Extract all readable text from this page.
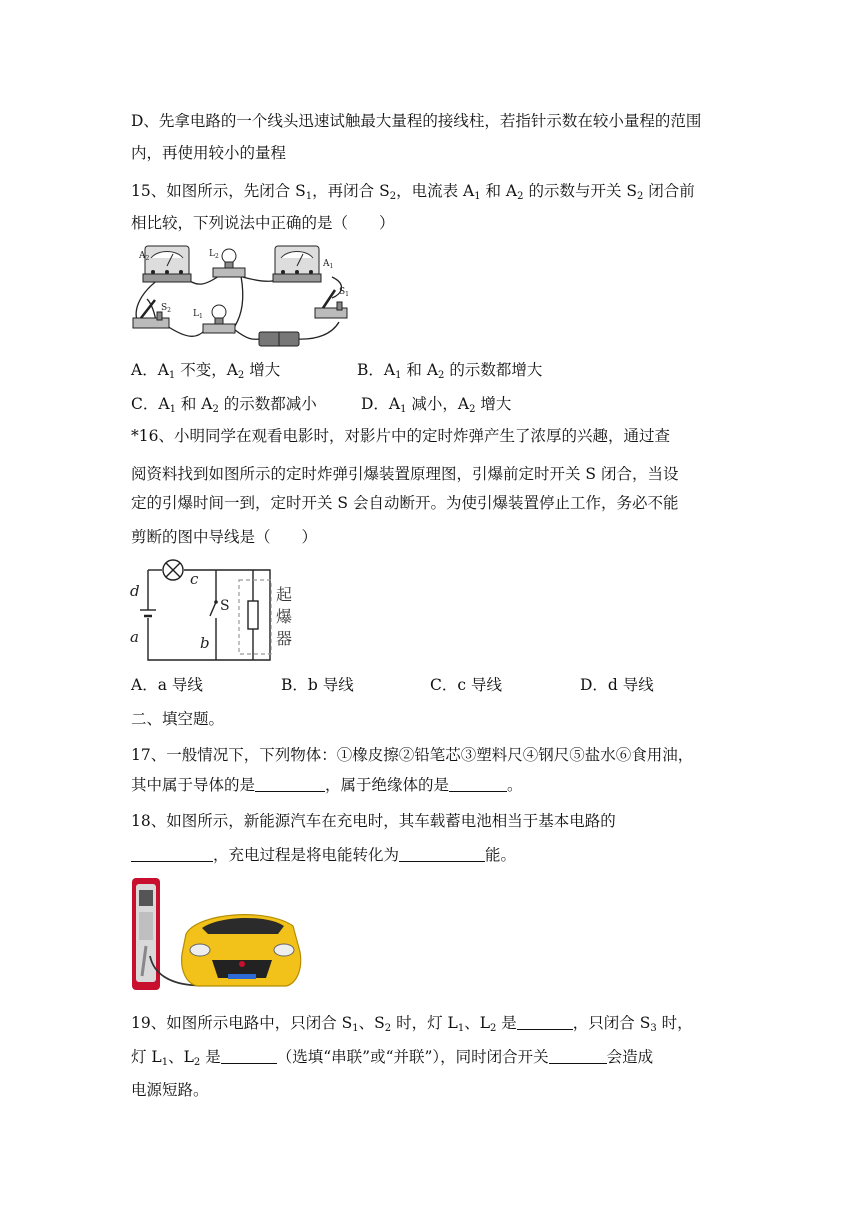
D、先拿电路的一个线头迅速试触最大量程的接线柱，若指针示数在较小量程的范围
内，再使用较小的量程
15、如图所示，先闭合 $S_1$，再闭合 $S_2$，电流表 $A_1$ 和 $A_2$ 的示数与开关 $S_2$ 闭合前
相比较，下列说法中正确的是（　　）
$A_2$	$L_2$
$A_1$
$S_2$ $L_1$
$S_1$
A．$A_1$ 不变，$A_2$ 增大	B．$A_1$ 和 $A_2$ 的示数都增大
C．$A_1$ 和 $A_2$ 的示数都减小	D．$A_1$ 减小，$A_2$ 增大
*16、小明同学在观看电影时，对影片中的定时炸弹产生了浓厚的兴趣，通过查
阅资料找到如图所示的定时炸弹引爆装置原理图，引爆前定时开关 S 闭合，当设
定的引爆时间一到，定时开关 S 会自动断开。为使引爆装置停止工作，务必不能
剪断的图中导线是（　　）
c
d
a	b
S
起
爆
器
A．a 导线	B．b 导线	C．c 导线	D．d 导线
二、填空题。
17、一般情况下，下列物体：①橡皮擦②铅笔芯③塑料尺④钢尺⑤盐水⑥食用油，
其中属于导体的是	，属于绝缘体的是	。
18、如图所示，新能源汽车在充电时，其车载蓄电池相当于基本电路的
，充电过程是将电能转化为	能。
19、如图所示电路中，只闭合 $S_1$、$S_2$ 时，灯 $L_1$、$L_2$ 是	，只闭合 $S_3$ 时，
灯 $L_1$、$L_2$ 是	（选填“串联”或“并联”），同时闭合开关	会造成
电源短路。
